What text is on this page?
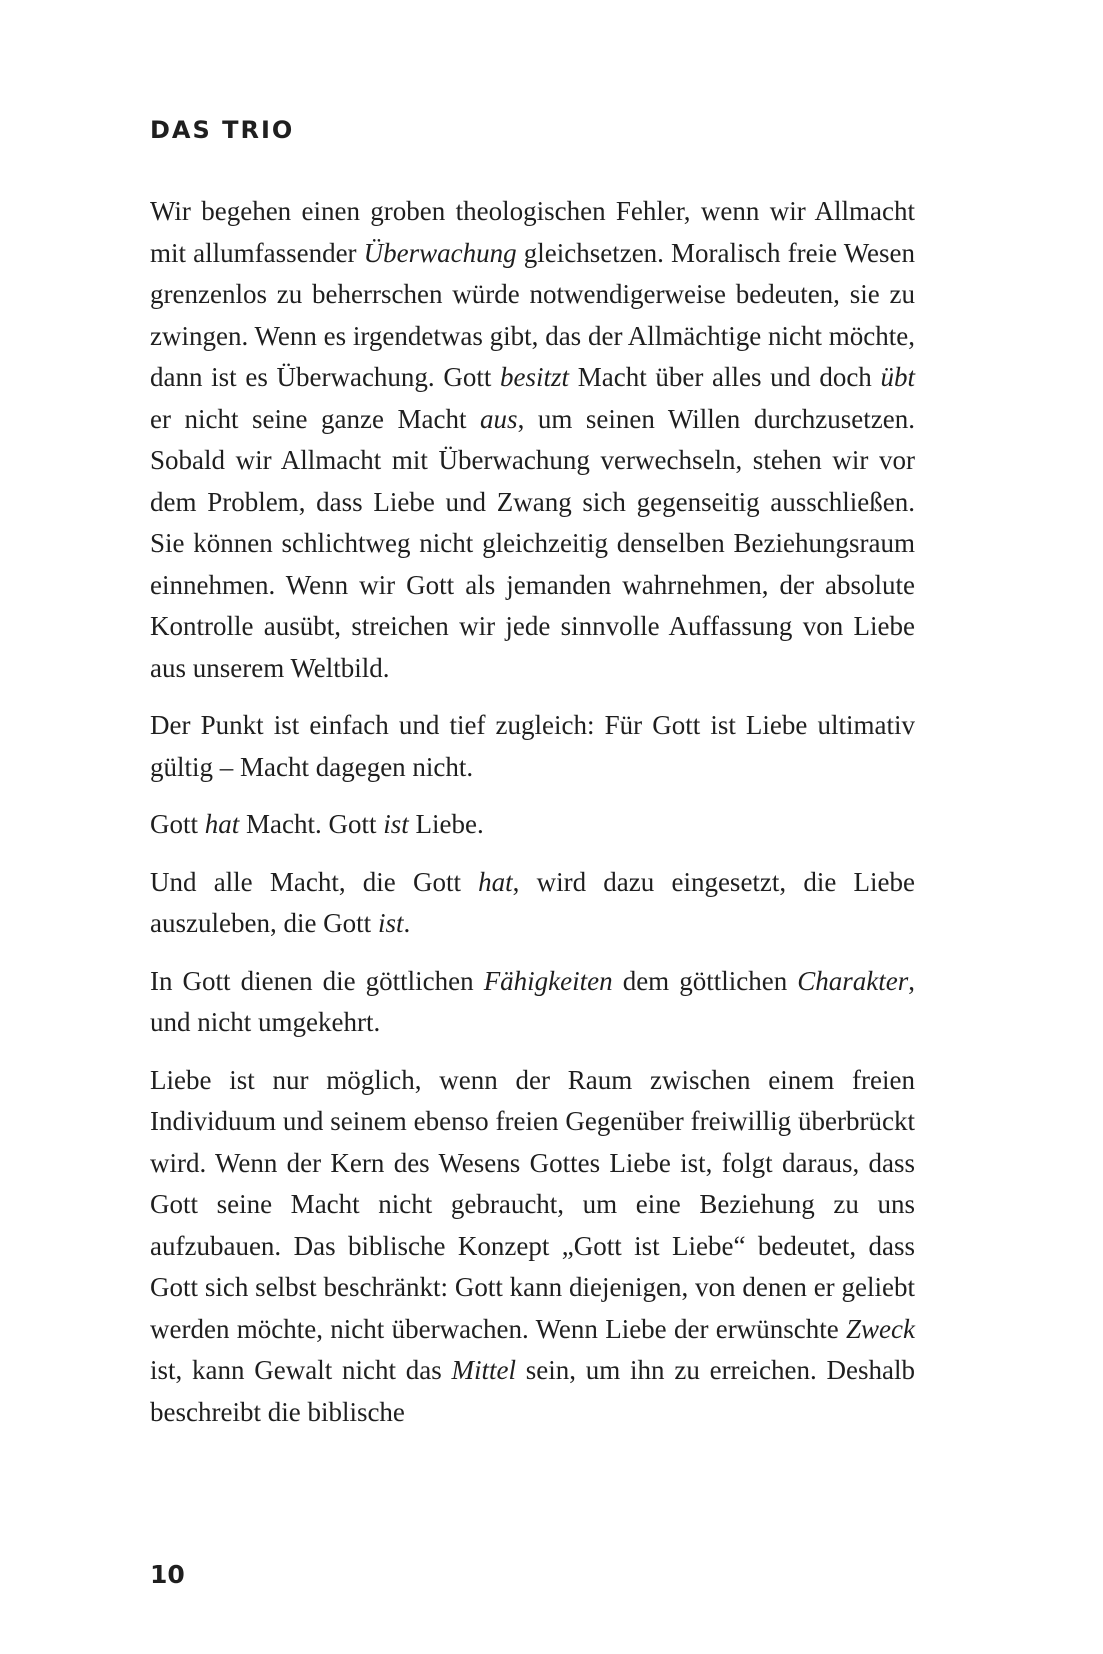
DAS TRIO

Wir begehen einen groben theologischen Fehler, wenn wir Allmacht mit allumfassender Überwachung gleichsetzen. Moralisch freie Wesen grenzenlos zu beherrschen würde notwendigerweise bedeuten, sie zu zwingen. Wenn es irgendetwas gibt, das der Allmächtige nicht möchte, dann ist es Überwachung. Gott besitzt Macht über alles und doch übt er nicht seine ganze Macht aus, um seinen Willen durchzusetzen. Sobald wir Allmacht mit Überwachung verwechseln, stehen wir vor dem Problem, dass Liebe und Zwang sich gegenseitig ausschließen. Sie können schlichtweg nicht gleichzeitig denselben Beziehungsraum einnehmen. Wenn wir Gott als jemanden wahrnehmen, der absolute Kontrolle ausübt, streichen wir jede sinnvolle Auffassung von Liebe aus unserem Weltbild.

Der Punkt ist einfach und tief zugleich: Für Gott ist Liebe ultimativ gültig – Macht dagegen nicht.

Gott hat Macht. Gott ist Liebe.

Und alle Macht, die Gott hat, wird dazu eingesetzt, die Liebe auszuleben, die Gott ist.

In Gott dienen die göttlichen Fähigkeiten dem göttlichen Charakter, und nicht umgekehrt.

Liebe ist nur möglich, wenn der Raum zwischen einem freien Individuum und seinem ebenso freien Gegenüber freiwillig überbrückt wird. Wenn der Kern des Wesens Gottes Liebe ist, folgt daraus, dass Gott seine Macht nicht gebraucht, um eine Beziehung zu uns aufzubauen. Das biblische Konzept „Gott ist Liebe“ bedeutet, dass Gott sich selbst beschränkt: Gott kann diejenigen, von denen er geliebt werden möchte, nicht überwachen. Wenn Liebe der erwünschte Zweck ist, kann Gewalt nicht das Mittel sein, um ihn zu erreichen. Deshalb beschreibt die biblische

10
